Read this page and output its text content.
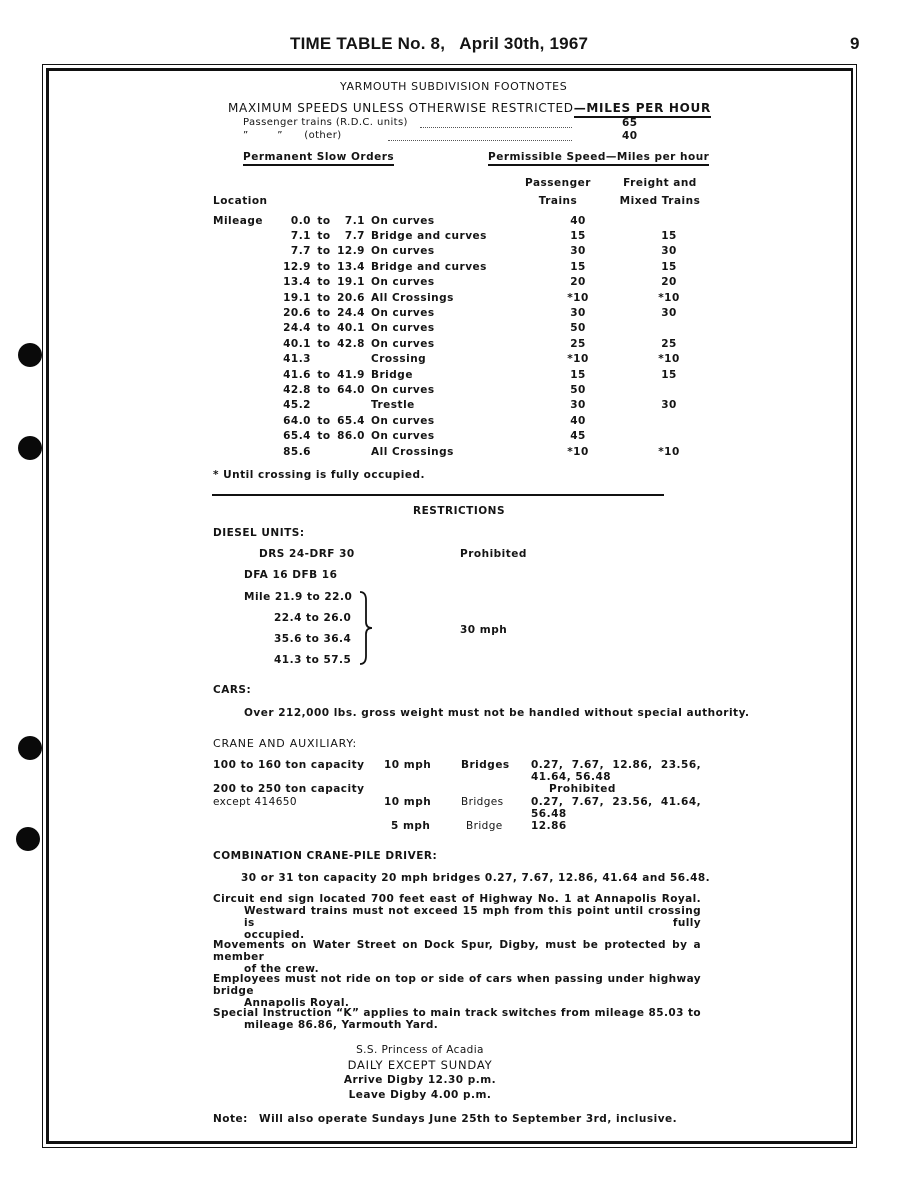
TIME TABLE No. 8,   April 30th, 1967	9
YARMOUTH SUBDIVISION FOOTNOTES
MAXIMUM SPEEDS UNLESS OTHERWISE RESTRICTED—MILES PER HOUR
Passenger trains (R.D.C. units)	65
”        ”      (other)	40
Permanent Slow Orders	Permissible Speed—Miles per hour
Passenger
Trains
Freight and
Mixed Trains
Location
Mileage	0.0	to	7.1	On curves	40	
	7.1	to	7.7	Bridge and curves	15	15
	7.7	to	12.9	On curves	30	30
	12.9	to	13.4	Bridge and curves	15	15
	13.4	to	19.1	On curves	20	20
	19.1	to	20.6	All Crossings	*10	*10
	20.6	to	24.4	On curves	30	30
	24.4	to	40.1	On curves	50	
	40.1	to	42.8	On curves	25	25
	41.3			Crossing	*10	*10
	41.6	to	41.9	Bridge	15	15
	42.8	to	64.0	On curves	50	
	45.2			Trestle	30	30
	64.0	to	65.4	On curves	40	
	65.4	to	86.0	On curves	45	
	85.6			All Crossings	*10	*10
* Until crossing is fully occupied.
RESTRICTIONS
DIESEL UNITS:
DRS 24-DRF 30	Prohibited
DFA 16 DFB 16
Mile 21.9 to 22.0
22.4 to 26.0
35.6 to 36.4
41.3 to 57.5
30 mph
CARS:
Over 212,000 lbs. gross weight must not be handled without special authority.
CRANE AND AUXILIARY:
100 to 160 ton capacity 10 mph	Bridges 0.27,  7.67,  12.86,  23.56,
41.64, 56.48
200 to 250 ton capacity	Prohibited
except 414650	10 mph	Bridges	0.27,  7.67,  23.56,  41.64,
56.48
5 mph	Bridge	12.86
COMBINATION CRANE-PILE DRIVER:
30 or 31 ton capacity 20 mph bridges 0.27, 7.67, 12.86, 41.64 and 56.48.
Circuit end sign located 700 feet east of Highway No. 1 at Annapolis Royal.
Westward trains must not exceed 15 mph from this point until crossing is fully
occupied.
Movements on Water Street on Dock Spur, Digby, must be protected by a member
of the crew.
Employees must not ride on top or side of cars when passing under highway bridge
Annapolis Royal.
Special Instruction “K” applies to main track switches from mileage 85.03 to
mileage 86.86, Yarmouth Yard.
S.S. Princess of Acadia
DAILY EXCEPT SUNDAY
Arrive Digby 12.30 p.m.
Leave Digby 4.00 p.m.
Note: Will also operate Sundays June 25th to September 3rd, inclusive.
